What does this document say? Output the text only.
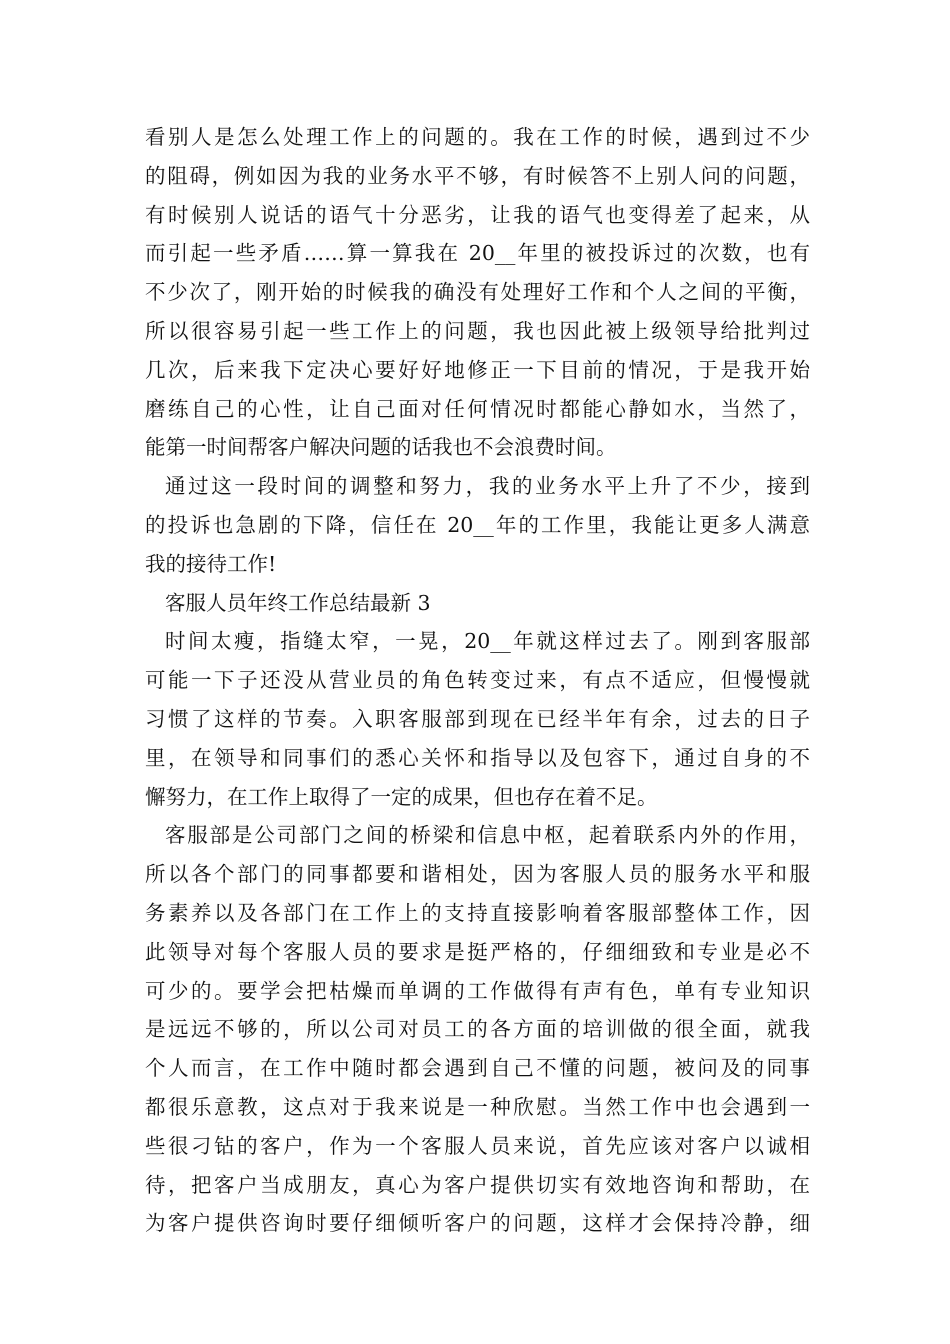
看别人是怎么处理工作上的问题的。我在工作的时候，遇到过不少
的阻碍，例如因为我的业务水平不够，有时候答不上别人问的问题，
有时候别人说话的语气十分恶劣，让我的语气也变得差了起来，从
而引起一些矛盾……算一算我在 20__年里的被投诉过的次数，也有
不少次了，刚开始的时候我的确没有处理好工作和个人之间的平衡，
所以很容易引起一些工作上的问题，我也因此被上级领导给批判过
几次，后来我下定决心要好好地修正一下目前的情况，于是我开始
磨练自己的心性，让自己面对任何情况时都能心静如水，当然了，
能第一时间帮客户解决问题的话我也不会浪费时间。
通过这一段时间的调整和努力，我的业务水平上升了不少，接到
的投诉也急剧的下降，信任在 20__年的工作里，我能让更多人满意
我的接待工作!
客服人员年终工作总结最新 3
时间太瘦，指缝太窄，一晃，20__年就这样过去了。刚到客服部
可能一下子还没从营业员的角色转变过来，有点不适应，但慢慢就
习惯了这样的节奏。入职客服部到现在已经半年有余，过去的日子
里，在领导和同事们的悉心关怀和指导以及包容下，通过自身的不
懈努力，在工作上取得了一定的成果，但也存在着不足。
客服部是公司部门之间的桥梁和信息中枢，起着联系内外的作用，
所以各个部门的同事都要和谐相处，因为客服人员的服务水平和服
务素养以及各部门在工作上的支持直接影响着客服部整体工作，因
此领导对每个客服人员的要求是挺严格的，仔细细致和专业是必不
可少的。要学会把枯燥而单调的工作做得有声有色，单有专业知识
是远远不够的，所以公司对员工的各方面的培训做的很全面，就我
个人而言，在工作中随时都会遇到自己不懂的问题，被问及的同事
都很乐意教，这点对于我来说是一种欣慰。当然工作中也会遇到一
些很刁钻的客户，作为一个客服人员来说，首先应该对客户以诚相
待，把客户当成朋友，真心为客户提供切实有效地咨询和帮助，在
为客户提供咨询时要仔细倾听客户的问题，这样才会保持冷静，细
